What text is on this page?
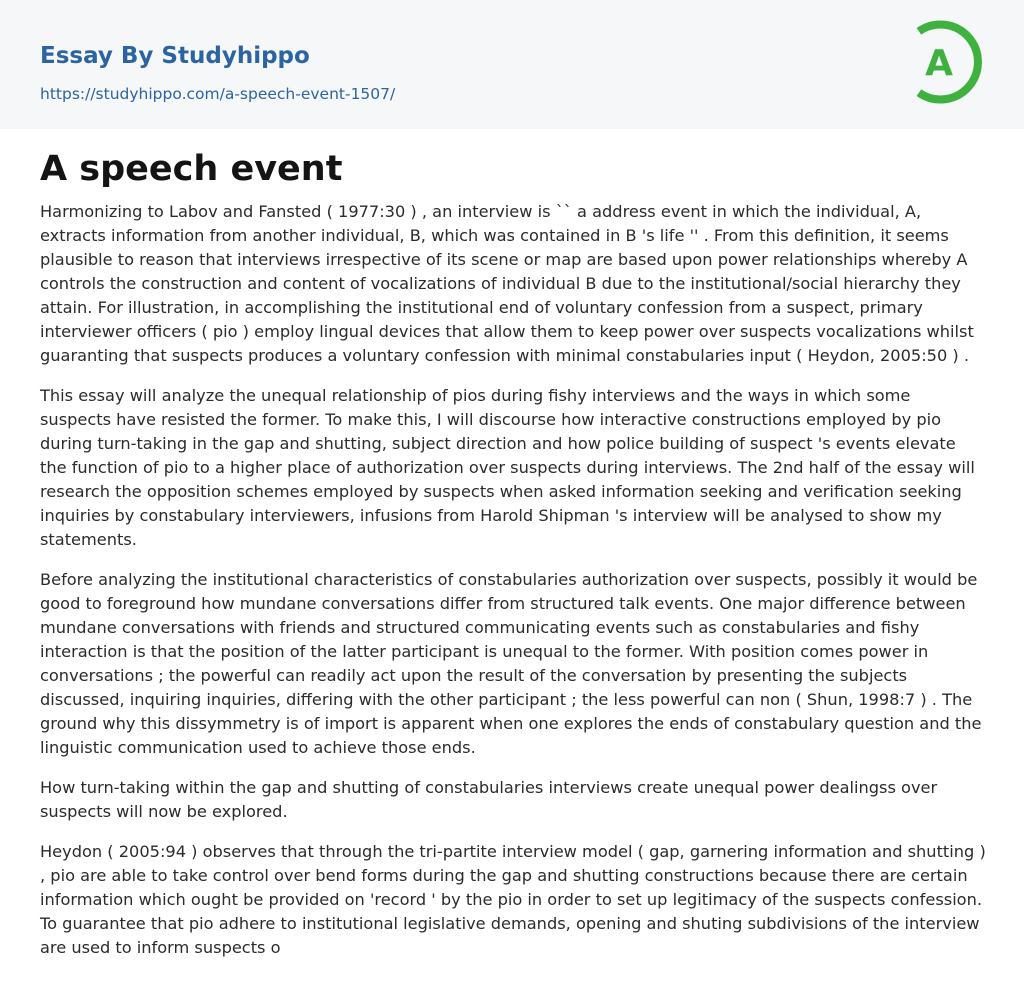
Essay By Studyhippo
https://studyhippo.com/a-speech-event-1507/
A
A speech event

Harmonizing to Labov and Fansted ( 1977:30 ) , an interview is `` a address event in which the individual, A, extracts information from another individual, B, which was contained in B 's life '' . From this definition, it seems plausible to reason that interviews irrespective of its scene or map are based upon power relationships whereby A controls the construction and content of vocalizations of individual B due to the institutional/social hierarchy they attain. For illustration, in accomplishing the institutional end of voluntary confession from a suspect, primary interviewer officers ( pio ) employ lingual devices that allow them to keep power over suspects vocalizations whilst guaranting that suspects produces a voluntary confession with minimal constabularies input ( Heydon, 2005:50 ) .

This essay will analyze the unequal relationship of pios during fishy interviews and the ways in which some suspects have resisted the former. To make this, I will discourse how interactive constructions employed by pio during turn-taking in the gap and shutting, subject direction and how police building of suspect 's events elevate the function of pio to a higher place of authorization over suspects during interviews. The 2nd half of the essay will research the opposition schemes employed by suspects when asked information seeking and verification seeking inquiries by constabulary interviewers, infusions from Harold Shipman 's interview will be analysed to show my statements.

Before analyzing the institutional characteristics of constabularies authorization over suspects, possibly it would be good to foreground how mundane conversations differ from structured talk events. One major difference between mundane conversations with friends and structured communicating events such as constabularies and fishy interaction is that the position of the latter participant is unequal to the former. With position comes power in conversations ; the powerful can readily act upon the result of the conversation by presenting the subjects discussed, inquiring inquiries, differing with the other participant ; the less powerful can non ( Shun, 1998:7 ) . The ground why this dissymmetry is of import is apparent when one explores the ends of constabulary question and the linguistic communication used to achieve those ends.

How turn-taking within the gap and shutting of constabularies interviews create unequal power dealingss over suspects will now be explored.

Heydon ( 2005:94 ) observes that through the tri-partite interview model ( gap, garnering information and shutting ) , pio are able to take control over bend forms during the gap and shutting constructions because there are certain information which ought be provided on 'record ' by the pio in order to set up legitimacy of the suspects confession. To guarantee that pio adhere to institutional legislative demands, opening and shuting subdivisions of the interview are used to inform suspects o
